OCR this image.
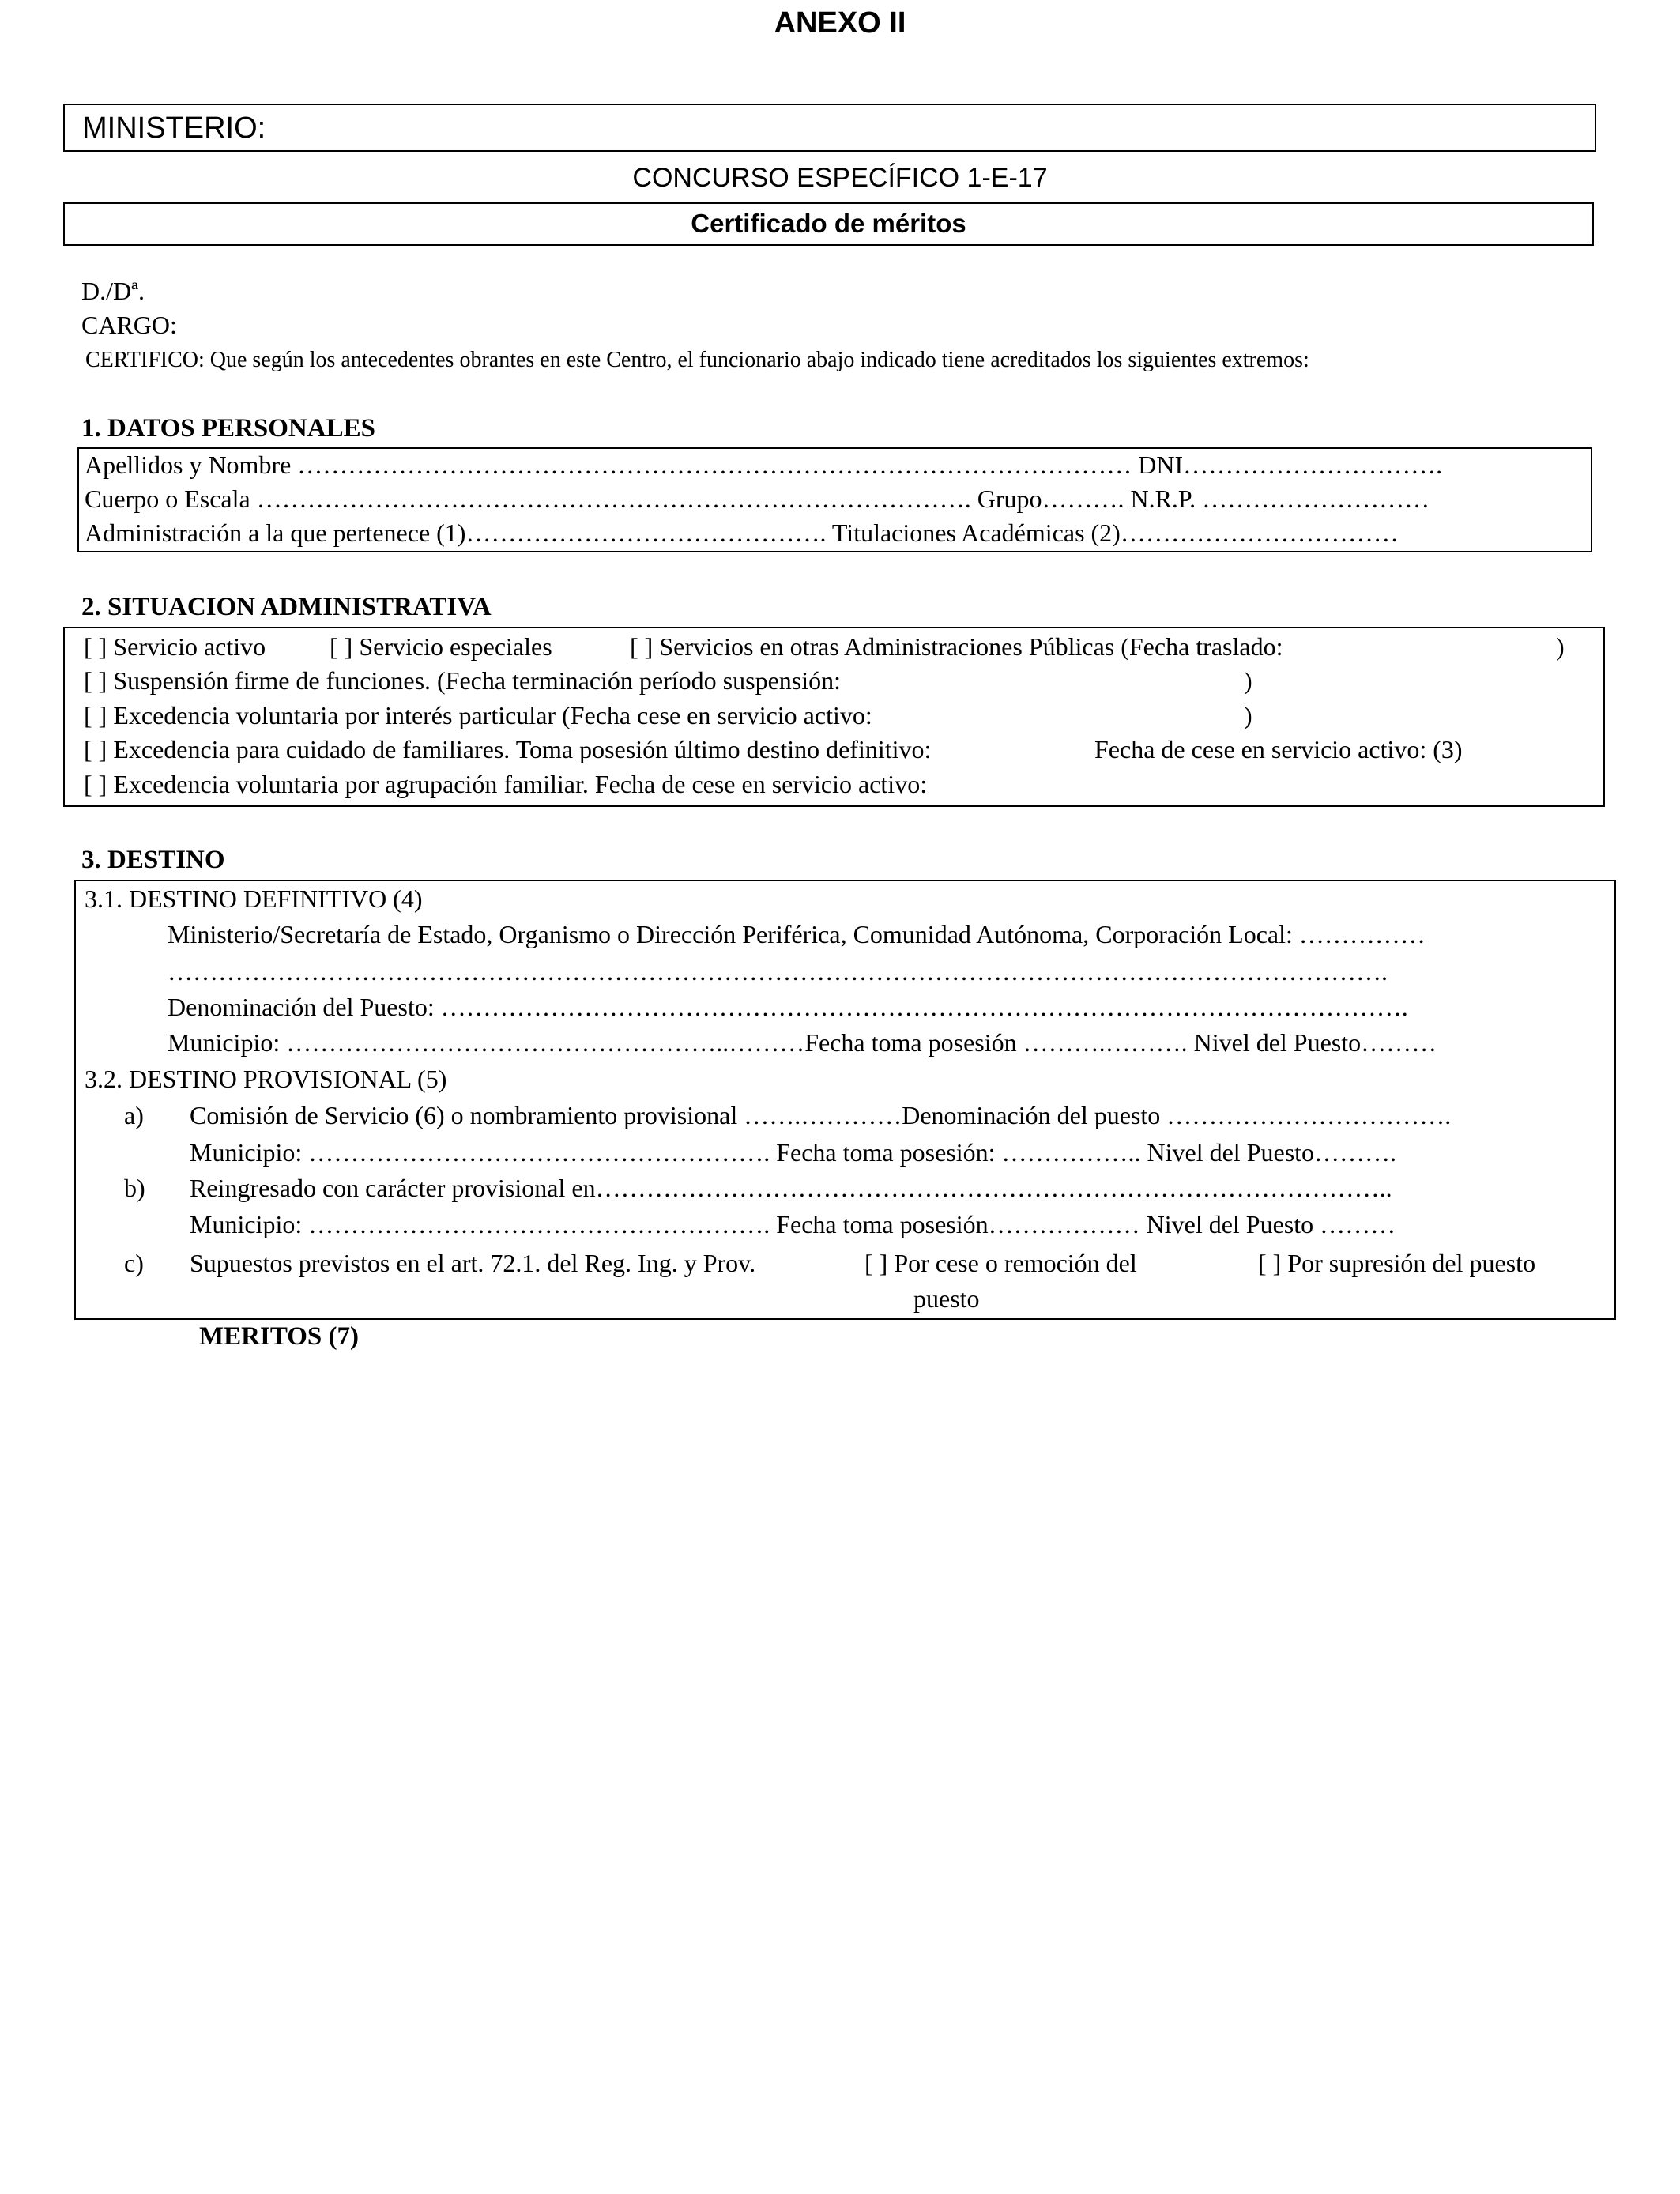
ANEXO II
MINISTERIO:
CONCURSO ESPECÍFICO 1-E-17
Certificado de méritos
D./Dª.
CARGO:
CERTIFICO: Que según los antecedentes obrantes en este Centro, el funcionario abajo indicado tiene acreditados los siguientes extremos:
1. DATOS PERSONALES
Apellidos y Nombre ……………………………………………………………………………………… DNI………………………….
Cuerpo o Escala …………………………………………………………………………. Grupo………. N.R.P. ………………………
Administración a la que pertenece (1)……………………………………. Titulaciones Académicas (2)……………………………
2. SITUACION ADMINISTRATIVA
[ ] Servicio activo	[ ] Servicio especiales	[ ] Servicios en otras Administraciones Públicas (Fecha traslado:	)
[ ] Suspensión firme de funciones. (Fecha terminación período suspensión:	)
[ ] Excedencia voluntaria por interés particular (Fecha cese en servicio activo:	)
[ ] Excedencia para cuidado de familiares. Toma posesión último destino definitivo:	Fecha de cese en servicio activo: (3)
[ ] Excedencia voluntaria por agrupación familiar. Fecha de cese en servicio activo:
3. DESTINO
3.1. DESTINO DEFINITIVO (4)
Ministerio/Secretaría de Estado, Organismo o Dirección Periférica, Comunidad Autónoma, Corporación Local: ……………
……………………………………………………………………………………………………………………………….
Denominación del Puesto: …………………………………………………………………………………………………….
Municipio: ……………………………………………..………Fecha toma posesión ……….………. Nivel del Puesto………
3.2. DESTINO PROVISIONAL (5)
a) Comisión de Servicio (6) o nombramiento provisional …….…………Denominación del puesto …………………………….
Municipio: ………………………………………………. Fecha toma posesión: …………….. Nivel del Puesto……….
b) Reingresado con carácter provisional en…………………………………………………………………………………..
Municipio: ………………………………………………. Fecha toma posesión……………… Nivel del Puesto ………
c) Supuestos previstos en el art. 72.1. del Reg. Ing. y Prov.	[ ] Por cese o remoción del
puesto
[ ] Por supresión del puesto
MERITOS (7)
